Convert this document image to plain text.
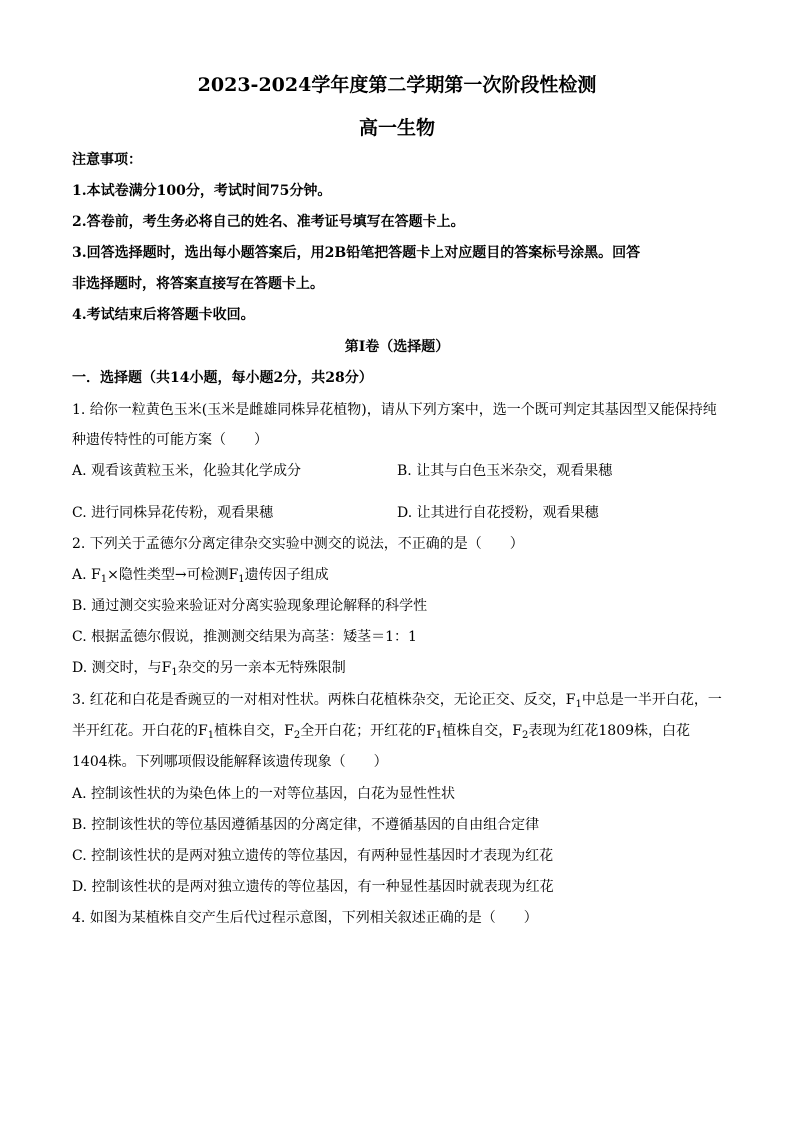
2023-2024学年度第二学期第一次阶段性检测
高一生物
注意事项：
1.本试卷满分100分，考试时间75分钟。
2.答卷前，考生务必将自己的姓名、准考证号填写在答题卡上。
3.回答选择题时，选出每小题答案后，用2B铅笔把答题卡上对应题目的答案标号涂黑。回答
非选择题时，将答案直接写在答题卡上。
4.考试结束后将答题卡收回。
第I卷（选择题）
一．选择题（共14小题，每小题2分，共28分）
1. 给你一粒黄色玉米(玉米是雌雄同株异花植物)，请从下列方案中，选一个既可判定其基因型又能保持纯
种遗传特性的可能方案（　　）
A. 观看该黄粒玉米，化验其化学成分	B. 让其与白色玉米杂交，观看果穗
C. 进行同株异花传粉，观看果穗	D. 让其进行自花授粉，观看果穗
2. 下列关于孟德尔分离定律杂交实验中测交的说法，不正确的是（　　）
A. $F_1\times$隐性类型→可检测$F_1$遗传因子组成
B. 通过测交实验来验证对分离实验现象理论解释的科学性
C. 根据孟德尔假说，推测测交结果为高茎：矮茎＝1：1
D. 测交时，与$F_1$杂交的另一亲本无特殊限制
3. 红花和白花是香豌豆的一对相对性状。两株白花植株杂交，无论正交、反交，$F_1$中总是一半开白花，一
半开红花。开白花的$F_1$植株自交，$F_2$全开白花；开红花的$F_1$植株自交，$F_2$表现为红花1809株，白花
1404株。下列哪项假设能解释该遗传现象（　　）
A. 控制该性状的为染色体上的一对等位基因，白花为显性性状
B. 控制该性状的等位基因遵循基因的分离定律，不遵循基因的自由组合定律
C. 控制该性状的是两对独立遗传的等位基因，有两种显性基因时才表现为红花
D. 控制该性状的是两对独立遗传的等位基因，有一种显性基因时就表现为红花
4. 如图为某植株自交产生后代过程示意图，下列相关叙述正确的是（　　）
